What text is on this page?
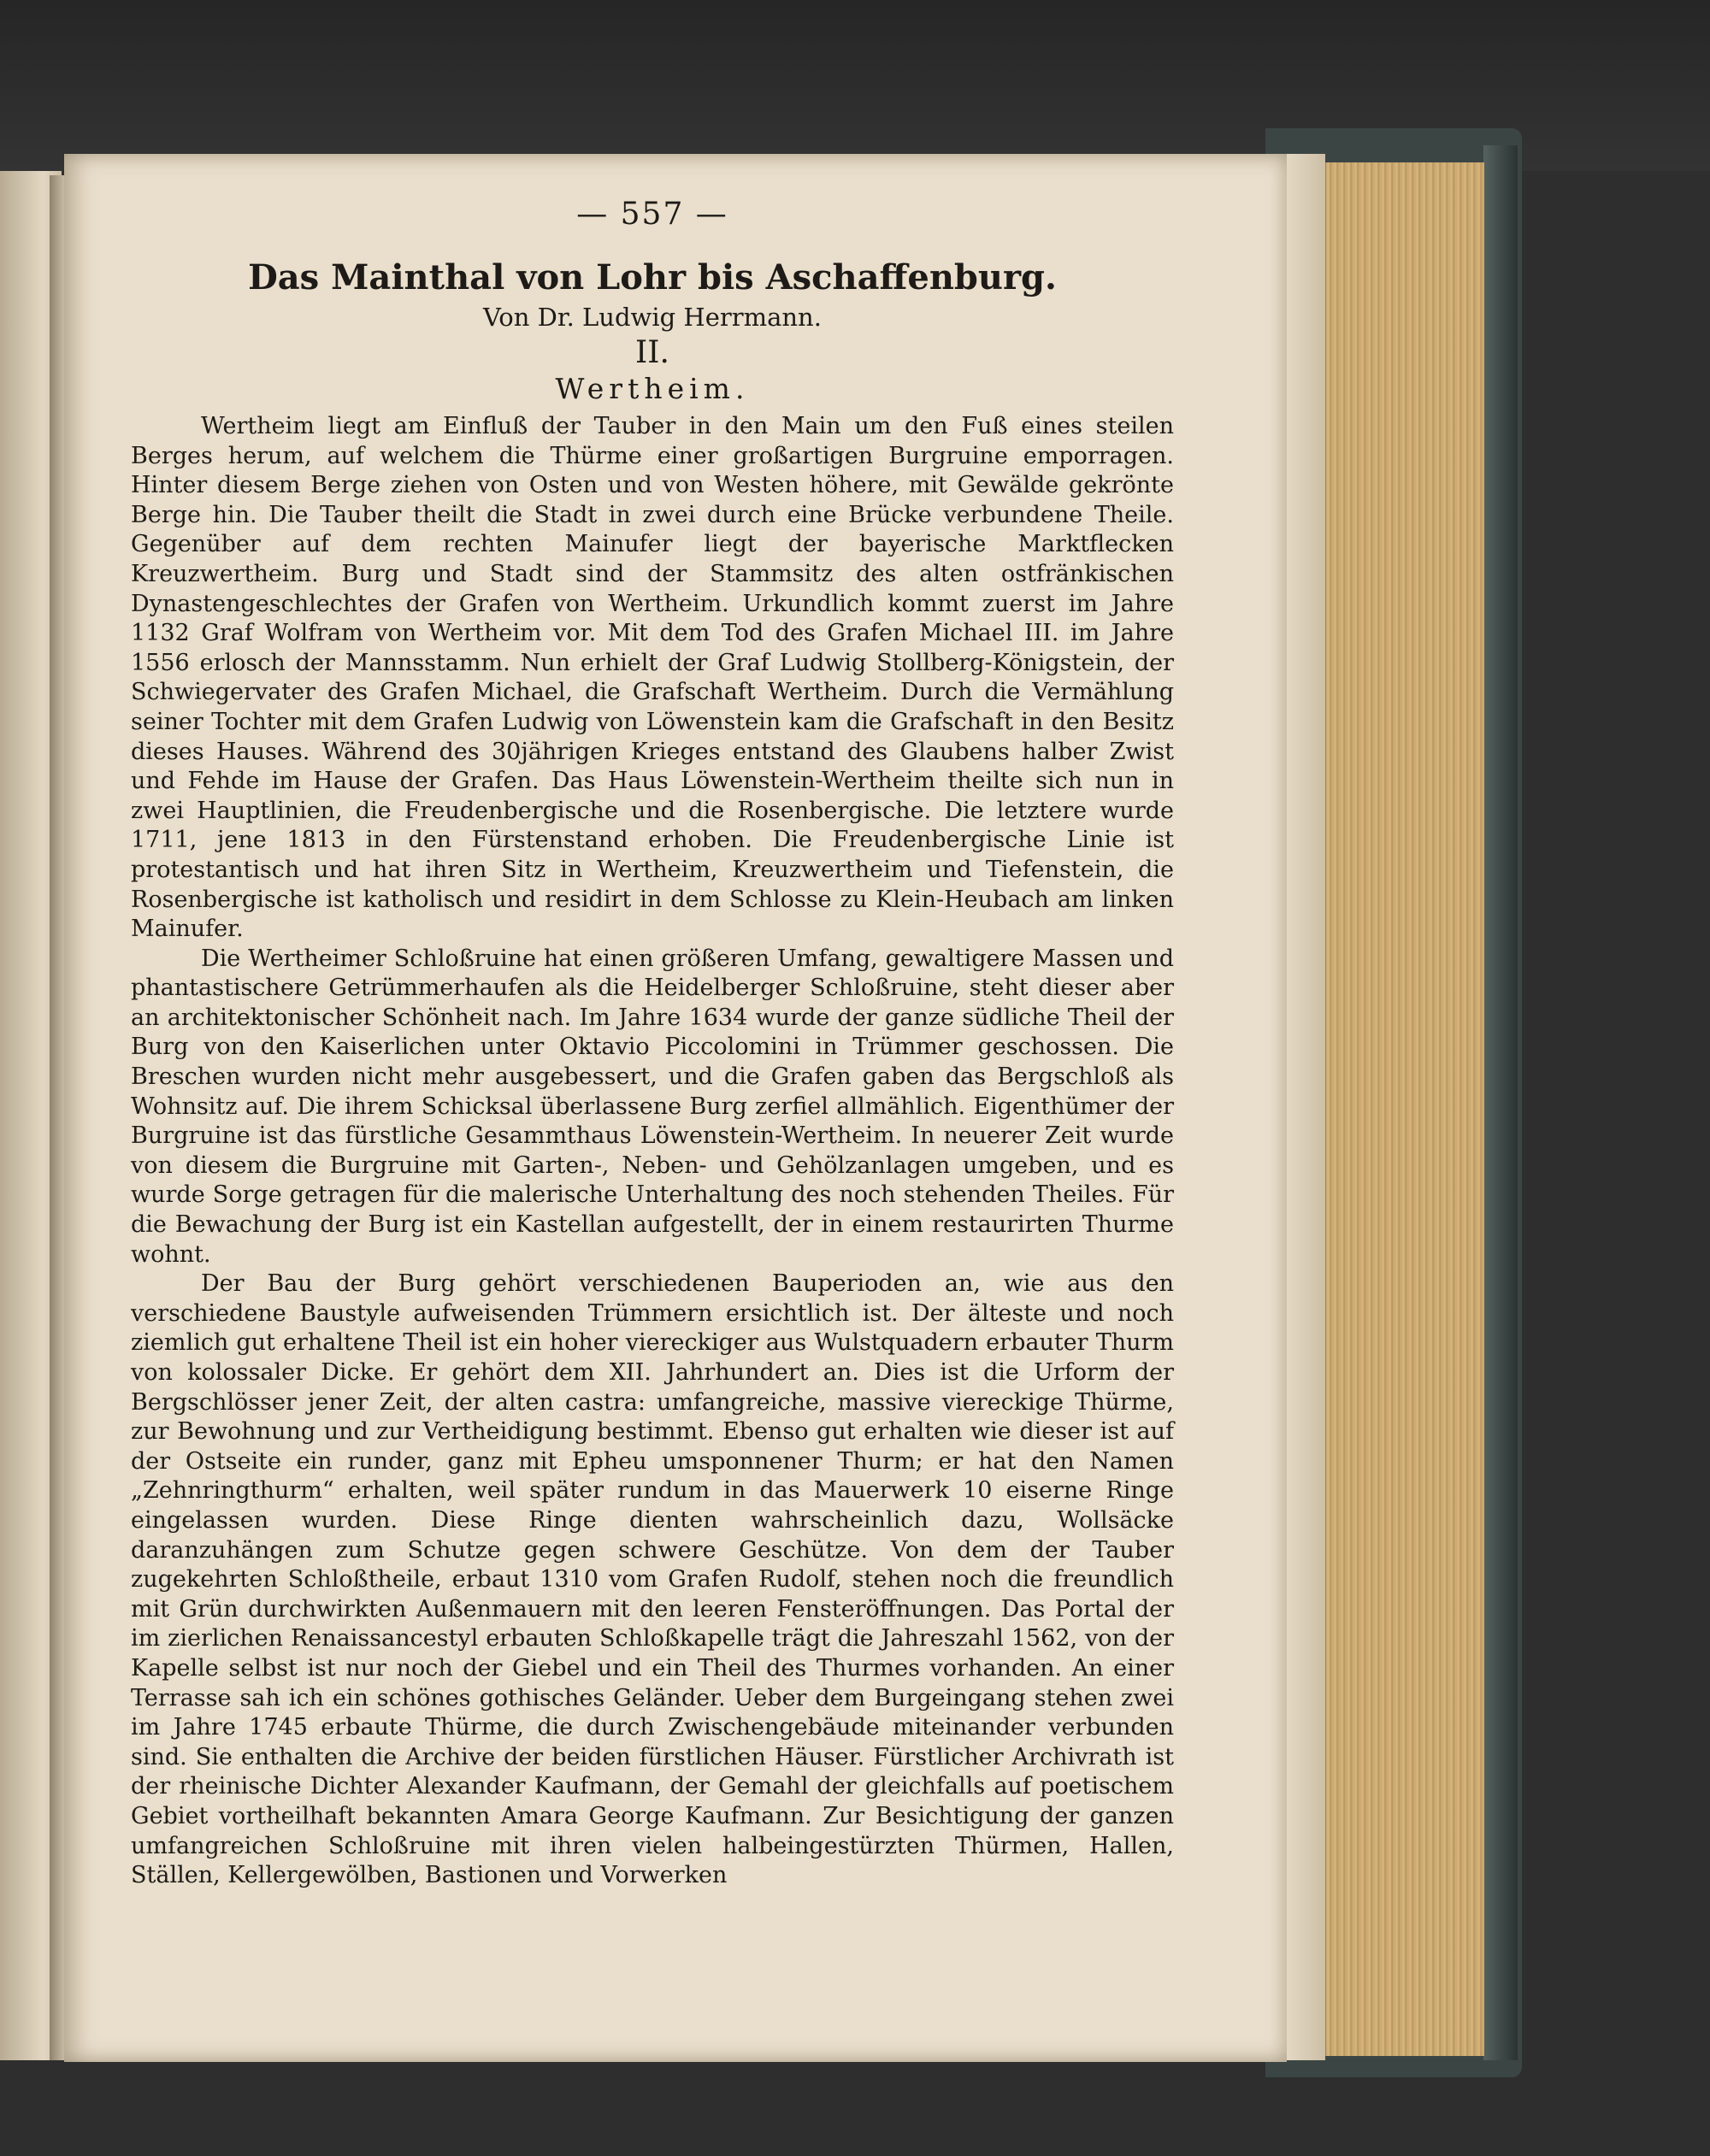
— 557 —
Das Mainthal von Lohr bis Aschaffenburg.
Von Dr. Ludwig Herrmann.
II.
Wertheim.

Wertheim liegt am Einfluß der Tauber in den Main um den Fuß eines steilen Berges herum, auf welchem die Thürme einer großartigen Burgruine emporragen. Hinter diesem Berge ziehen von Osten und von Westen höhere, mit Gewälde gekrönte Berge hin. Die Tauber theilt die Stadt in zwei durch eine Brücke verbundene Theile. Gegenüber auf dem rechten Mainufer liegt der bayerische Marktflecken Kreuzwertheim. Burg und Stadt sind der Stammsitz des alten ostfränkischen Dynastengeschlechtes der Grafen von Wertheim. Urkundlich kommt zuerst im Jahre 1132 Graf Wolfram von Wertheim vor. Mit dem Tod des Grafen Michael III. im Jahre 1556 erlosch der Mannsstamm. Nun erhielt der Graf Ludwig Stollberg-Königstein, der Schwiegervater des Grafen Michael, die Grafschaft Wertheim. Durch die Vermählung seiner Tochter mit dem Grafen Ludwig von Löwenstein kam die Grafschaft in den Besitz dieses Hauses. Während des 30jährigen Krieges entstand des Glaubens halber Zwist und Fehde im Hause der Grafen. Das Haus Löwenstein-Wertheim theilte sich nun in zwei Hauptlinien, die Freudenbergische und die Rosenbergische. Die letztere wurde 1711, jene 1813 in den Fürstenstand erhoben. Die Freudenbergische Linie ist protestantisch und hat ihren Sitz in Wertheim, Kreuzwertheim und Tiefenstein, die Rosenbergische ist katholisch und residirt in dem Schlosse zu Klein-Heubach am linken Mainufer.

Die Wertheimer Schloßruine hat einen größeren Umfang, gewaltigere Massen und phantastischere Getrümmerhaufen als die Heidelberger Schloßruine, steht dieser aber an architektonischer Schönheit nach. Im Jahre 1634 wurde der ganze südliche Theil der Burg von den Kaiserlichen unter Oktavio Piccolomini in Trümmer geschossen. Die Breschen wurden nicht mehr ausgebessert, und die Grafen gaben das Bergschloß als Wohnsitz auf. Die ihrem Schicksal überlassene Burg zerfiel allmählich. Eigenthümer der Burgruine ist das fürstliche Gesammthaus Löwenstein-Wertheim. In neuerer Zeit wurde von diesem die Burgruine mit Garten-, Neben- und Gehölzanlagen umgeben, und es wurde Sorge getragen für die malerische Unterhaltung des noch stehenden Theiles. Für die Bewachung der Burg ist ein Kastellan aufgestellt, der in einem restaurirten Thurme wohnt.

Der Bau der Burg gehört verschiedenen Bauperioden an, wie aus den verschiedene Baustyle aufweisenden Trümmern ersichtlich ist. Der älteste und noch ziemlich gut erhaltene Theil ist ein hoher viereckiger aus Wulstquadern erbauter Thurm von kolossaler Dicke. Er gehört dem XII. Jahrhundert an. Dies ist die Urform der Bergschlösser jener Zeit, der alten castra: umfangreiche, massive viereckige Thürme, zur Bewohnung und zur Vertheidigung bestimmt. Ebenso gut erhalten wie dieser ist auf der Ostseite ein runder, ganz mit Epheu umsponnener Thurm; er hat den Namen „Zehnringthurm“ erhalten, weil später rundum in das Mauerwerk 10 eiserne Ringe eingelassen wurden. Diese Ringe dienten wahrscheinlich dazu, Wollsäcke daranzuhängen zum Schutze gegen schwere Geschütze. Von dem der Tauber zugekehrten Schloßtheile, erbaut 1310 vom Grafen Rudolf, stehen noch die freundlich mit Grün durchwirkten Außenmauern mit den leeren Fensteröffnungen. Das Portal der im zierlichen Renaissancestyl erbauten Schloßkapelle trägt die Jahreszahl 1562, von der Kapelle selbst ist nur noch der Giebel und ein Theil des Thurmes vorhanden. An einer Terrasse sah ich ein schönes gothisches Geländer. Ueber dem Burgeingang stehen zwei im Jahre 1745 erbaute Thürme, die durch Zwischengebäude miteinander verbunden sind. Sie enthalten die Archive der beiden fürstlichen Häuser. Fürstlicher Archivrath ist der rheinische Dichter Alexander Kaufmann, der Gemahl der gleichfalls auf poetischem Gebiet vortheilhaft bekannten Amara George Kaufmann. Zur Besichtigung der ganzen umfangreichen Schloßruine mit ihren vielen halbeingestürzten Thürmen, Hallen, Ställen, Kellergewölben, Bastionen und Vorwerken
